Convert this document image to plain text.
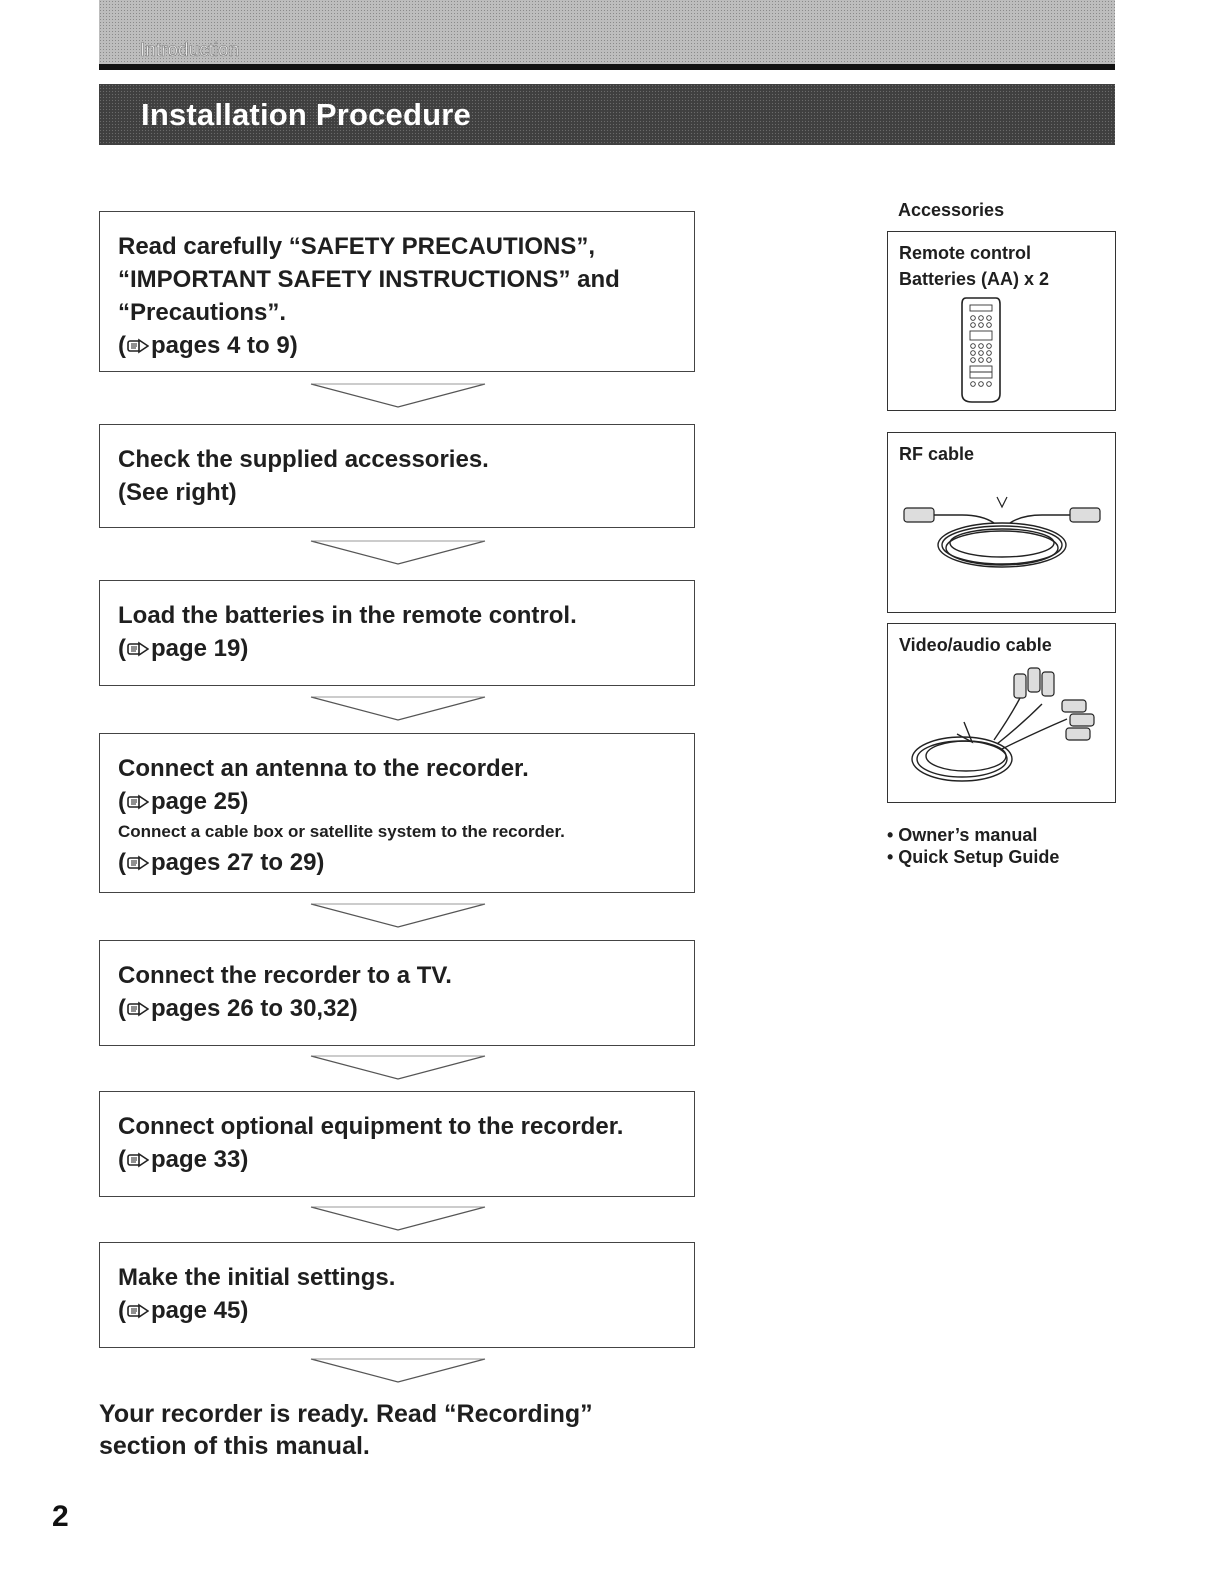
Introduction
Installation Procedure
Read carefully “SAFETY PRECAUTIONS”,
“IMPORTANT SAFETY INSTRUCTIONS” and
“Precautions”.
( pages 4 to 9)
Check the supplied accessories.
(See right)
Load the batteries in the remote control.
( page 19)
Connect an antenna to the recorder.
( page 25)
Connect a cable box or satellite system to the recorder.
( pages 27 to 29)
Connect the recorder to a TV.
( pages 26 to 30,32)
Connect optional equipment to the recorder.
( page 33)
Make the initial settings.
( page 45)
Your recorder is ready. Read “Recording”
section of this manual.
2
Accessories
Remote control
Batteries (AA) x 2
RF cable
Video/audio cable
• Owner’s manual
• Quick Setup Guide
